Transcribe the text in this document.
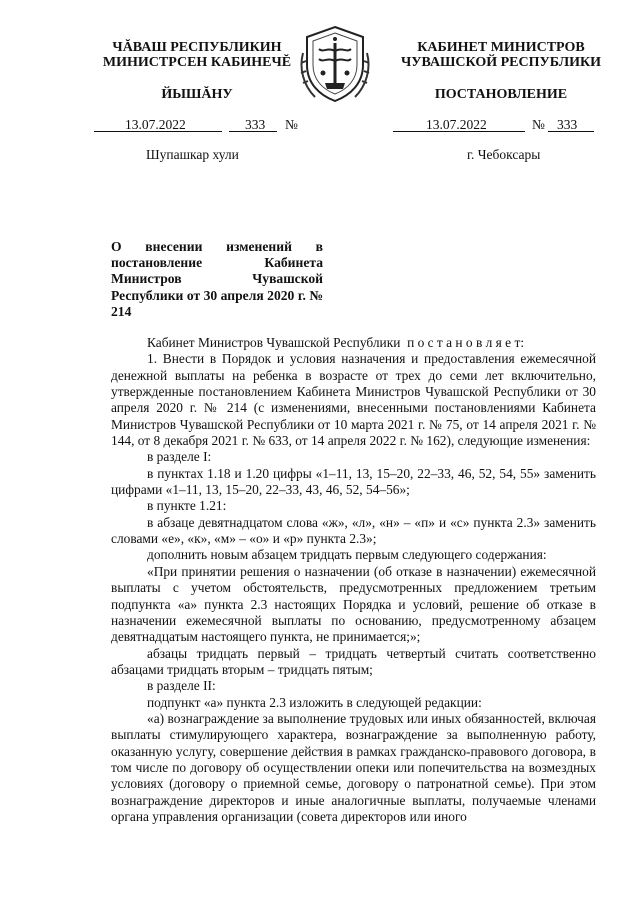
ЧĂВАШ РЕСПУБЛИКИН

МИНИСТРСЕН КАБИНЕЧĔ

ЙЫШĂНУ

КАБИНЕТ МИНИСТРОВ

ЧУВАШСКОЙ РЕСПУБЛИКИ

ПОСТАНОВЛЕНИЕ

13.07.2022	333 №	13.07.2022	№ 333
Шупашкар хули	г. Чебоксары

О внесении изменений в постановление Кабинета Министров Чувашской Республики от 30 апреля 2020 г. № 214

Кабинет Министров Чувашской Республики п о с т а н о в л я е т:

1. Внести в Порядок и условия назначения и предоставления ежемесячной денежной выплаты на ребенка в возрасте от трех до семи лет включительно, утвержденные постановлением Кабинета Министров Чувашской Республики от 30 апреля 2020 г. № 214 (с изменениями, внесенными постановлениями Кабинета Министров Чувашской Республики от 10 марта 2021 г. № 75, от 14 апреля 2021 г. № 144, от 8 декабря 2021 г. № 633, от 14 апреля 2022 г. № 162), следующие изменения:

в разделе I:

в пунктах 1.18 и 1.20 цифры «1–11, 13, 15–20, 22–33, 46, 52, 54, 55» заменить цифрами «1–11, 13, 15–20, 22–33, 43, 46, 52, 54–56»;

в пункте 1.21:

в абзаце девятнадцатом слова «ж», «л», «н» – «п» и «с» пункта 2.3» заменить словами «е», «к», «м» – «о» и «р» пункта 2.3»;

дополнить новым абзацем тридцать первым следующего содержания:

«При принятии решения о назначении (об отказе в назначении) ежемесячной выплаты с учетом обстоятельств, предусмотренных предложением третьим подпункта «а» пункта 2.3 настоящих Порядка и условий, решение об отказе в назначении ежемесячной выплаты по основанию, предусмотренному абзацем девятнадцатым настоящего пункта, не принимается;»;

абзацы тридцать первый – тридцать четвертый считать соответственно абзацами тридцать вторым – тридцать пятым;

в разделе II:

подпункт «а» пункта 2.3 изложить в следующей редакции:

«а) вознаграждение за выполнение трудовых или иных обязанностей, включая выплаты стимулирующего характера, вознаграждение за выполненную работу, оказанную услугу, совершение действия в рамках гражданско-правового договора, в том числе по договору об осуществлении опеки или попечительства на возмездных условиях (договору о приемной семье, договору о патронатной семье). При этом вознаграждение директоров и иные аналогичные выплаты, получаемые членами органа управления организации (совета директоров или иного
